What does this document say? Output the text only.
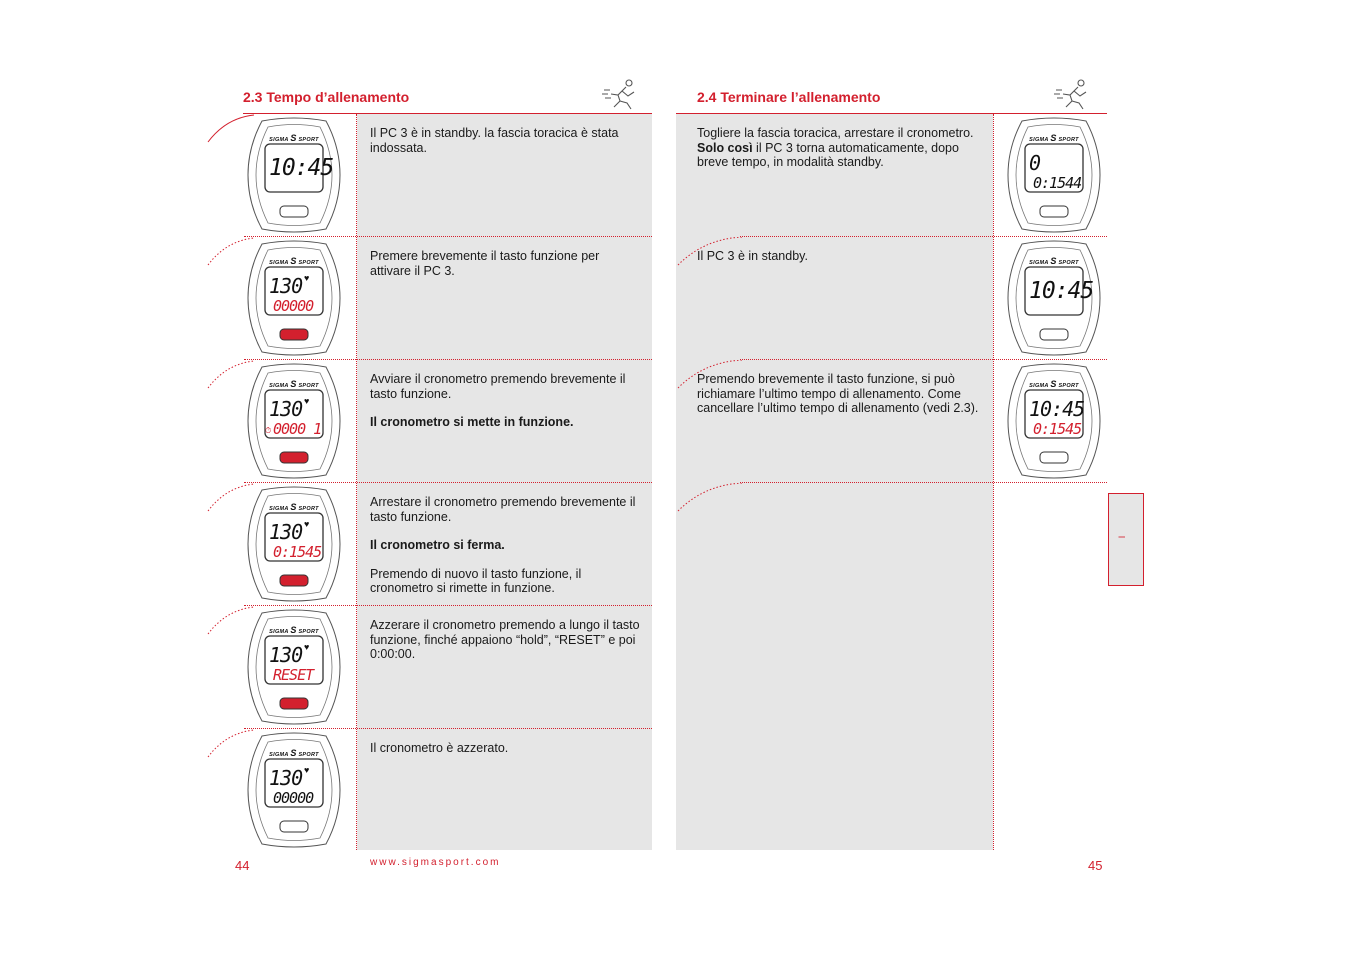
2.3 Tempo d’allenamento
SIGMA S SPORT
10:45

Il PC 3 è in standby. la fascia toracica è stata indossata.

SIGMA S SPORT
130 ♥
00000

Premere brevemente il tasto funzione per attivare il PC 3.

SIGMA S SPORT
130 ♥
⏱ 0000 1

Avviare il cronometro premendo brevemente il tasto funzione.

Il cronometro si mette in funzione.

SIGMA S SPORT
130 ♥
0:1545

Arrestare il cronometro premendo brevemente il tasto funzione.

Il cronometro si ferma.

Premendo di nuovo il tasto funzione, il cronometro si rimette in funzione.

SIGMA S SPORT
130 ♥
RESET

Azzerare il cronometro premendo a lungo il tasto funzione, finché appaiono “hold”, “RESET” e poi 0:00:00.

SIGMA S SPORT
130 ♥
00000

Il cronometro è azzerato.

44	www.sigmasport.com
2.4 Terminare l’allenamento
SIGMA S SPORT
0
0:1544

Togliere la fascia toracica, arrestare il cronometro. Solo così il PC 3 torna automaticamente, dopo breve tempo, in modalità standby.

SIGMA S SPORT
10:45

Il PC 3 è in standby.

SIGMA S SPORT
10:45
0:1545

Premendo brevemente il tasto funzione, si può richiamare l’ultimo tempo di allenamento. Come cancellare l’ultimo tempo di allenamento (vedi 2.3).

I
45
